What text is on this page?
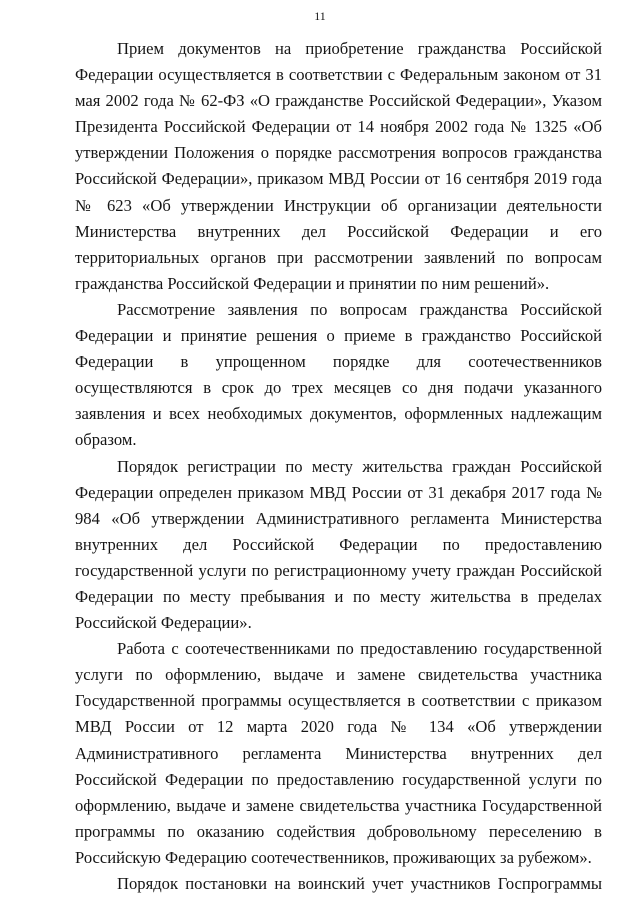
11

Прием документов на приобретение гражданства Российской Федерации осуществляется в соответствии с Федеральным законом от 31 мая 2002 года № 62-ФЗ «О гражданстве Российской Федерации», Указом Президента Российской Федерации от 14 ноября 2002 года № 1325 «Об утверждении Положения о порядке рассмотрения вопросов гражданства Российской Федерации», приказом МВД России от 16 сентября 2019 года № 623 «Об утверждении Инструкции об организации деятельности Министерства внутренних дел Российской Федерации и его территориальных органов при рассмотрении заявлений по вопросам гражданства Российской Федерации и принятии по ним решений».

Рассмотрение заявления по вопросам гражданства Российской Федерации и принятие решения о приеме в гражданство Российской Федерации в упрощенном порядке для соотечественников осуществляются в срок до трех месяцев со дня подачи указанного заявления и всех необходимых документов, оформленных надлежащим образом.

Порядок регистрации по месту жительства граждан Российской Федерации определен приказом МВД России от 31 декабря 2017 года № 984 «Об утверждении Административного регламента Министерства внутренних дел Российской Федерации по предоставлению государственной услуги по регистрационному учету граждан Российской Федерации по месту пребывания и по месту жительства в пределах Российской Федерации».

Работа с соотечественниками по предоставлению государственной услуги по оформлению, выдаче и замене свидетельства участника Государственной программы осуществляется в соответствии с приказом МВД России от 12 марта 2020 года № 134 «Об утверждении Административного регламента Министерства внутренних дел Российской Федерации по предоставлению государственной услуги по оформлению, выдаче и замене свидетельства участника Государственной программы по оказанию содействия добровольному переселению в Российскую Федерацию соотечественников, проживающих за рубежом».

Порядок постановки на воинский учет участников Госпрограммы
